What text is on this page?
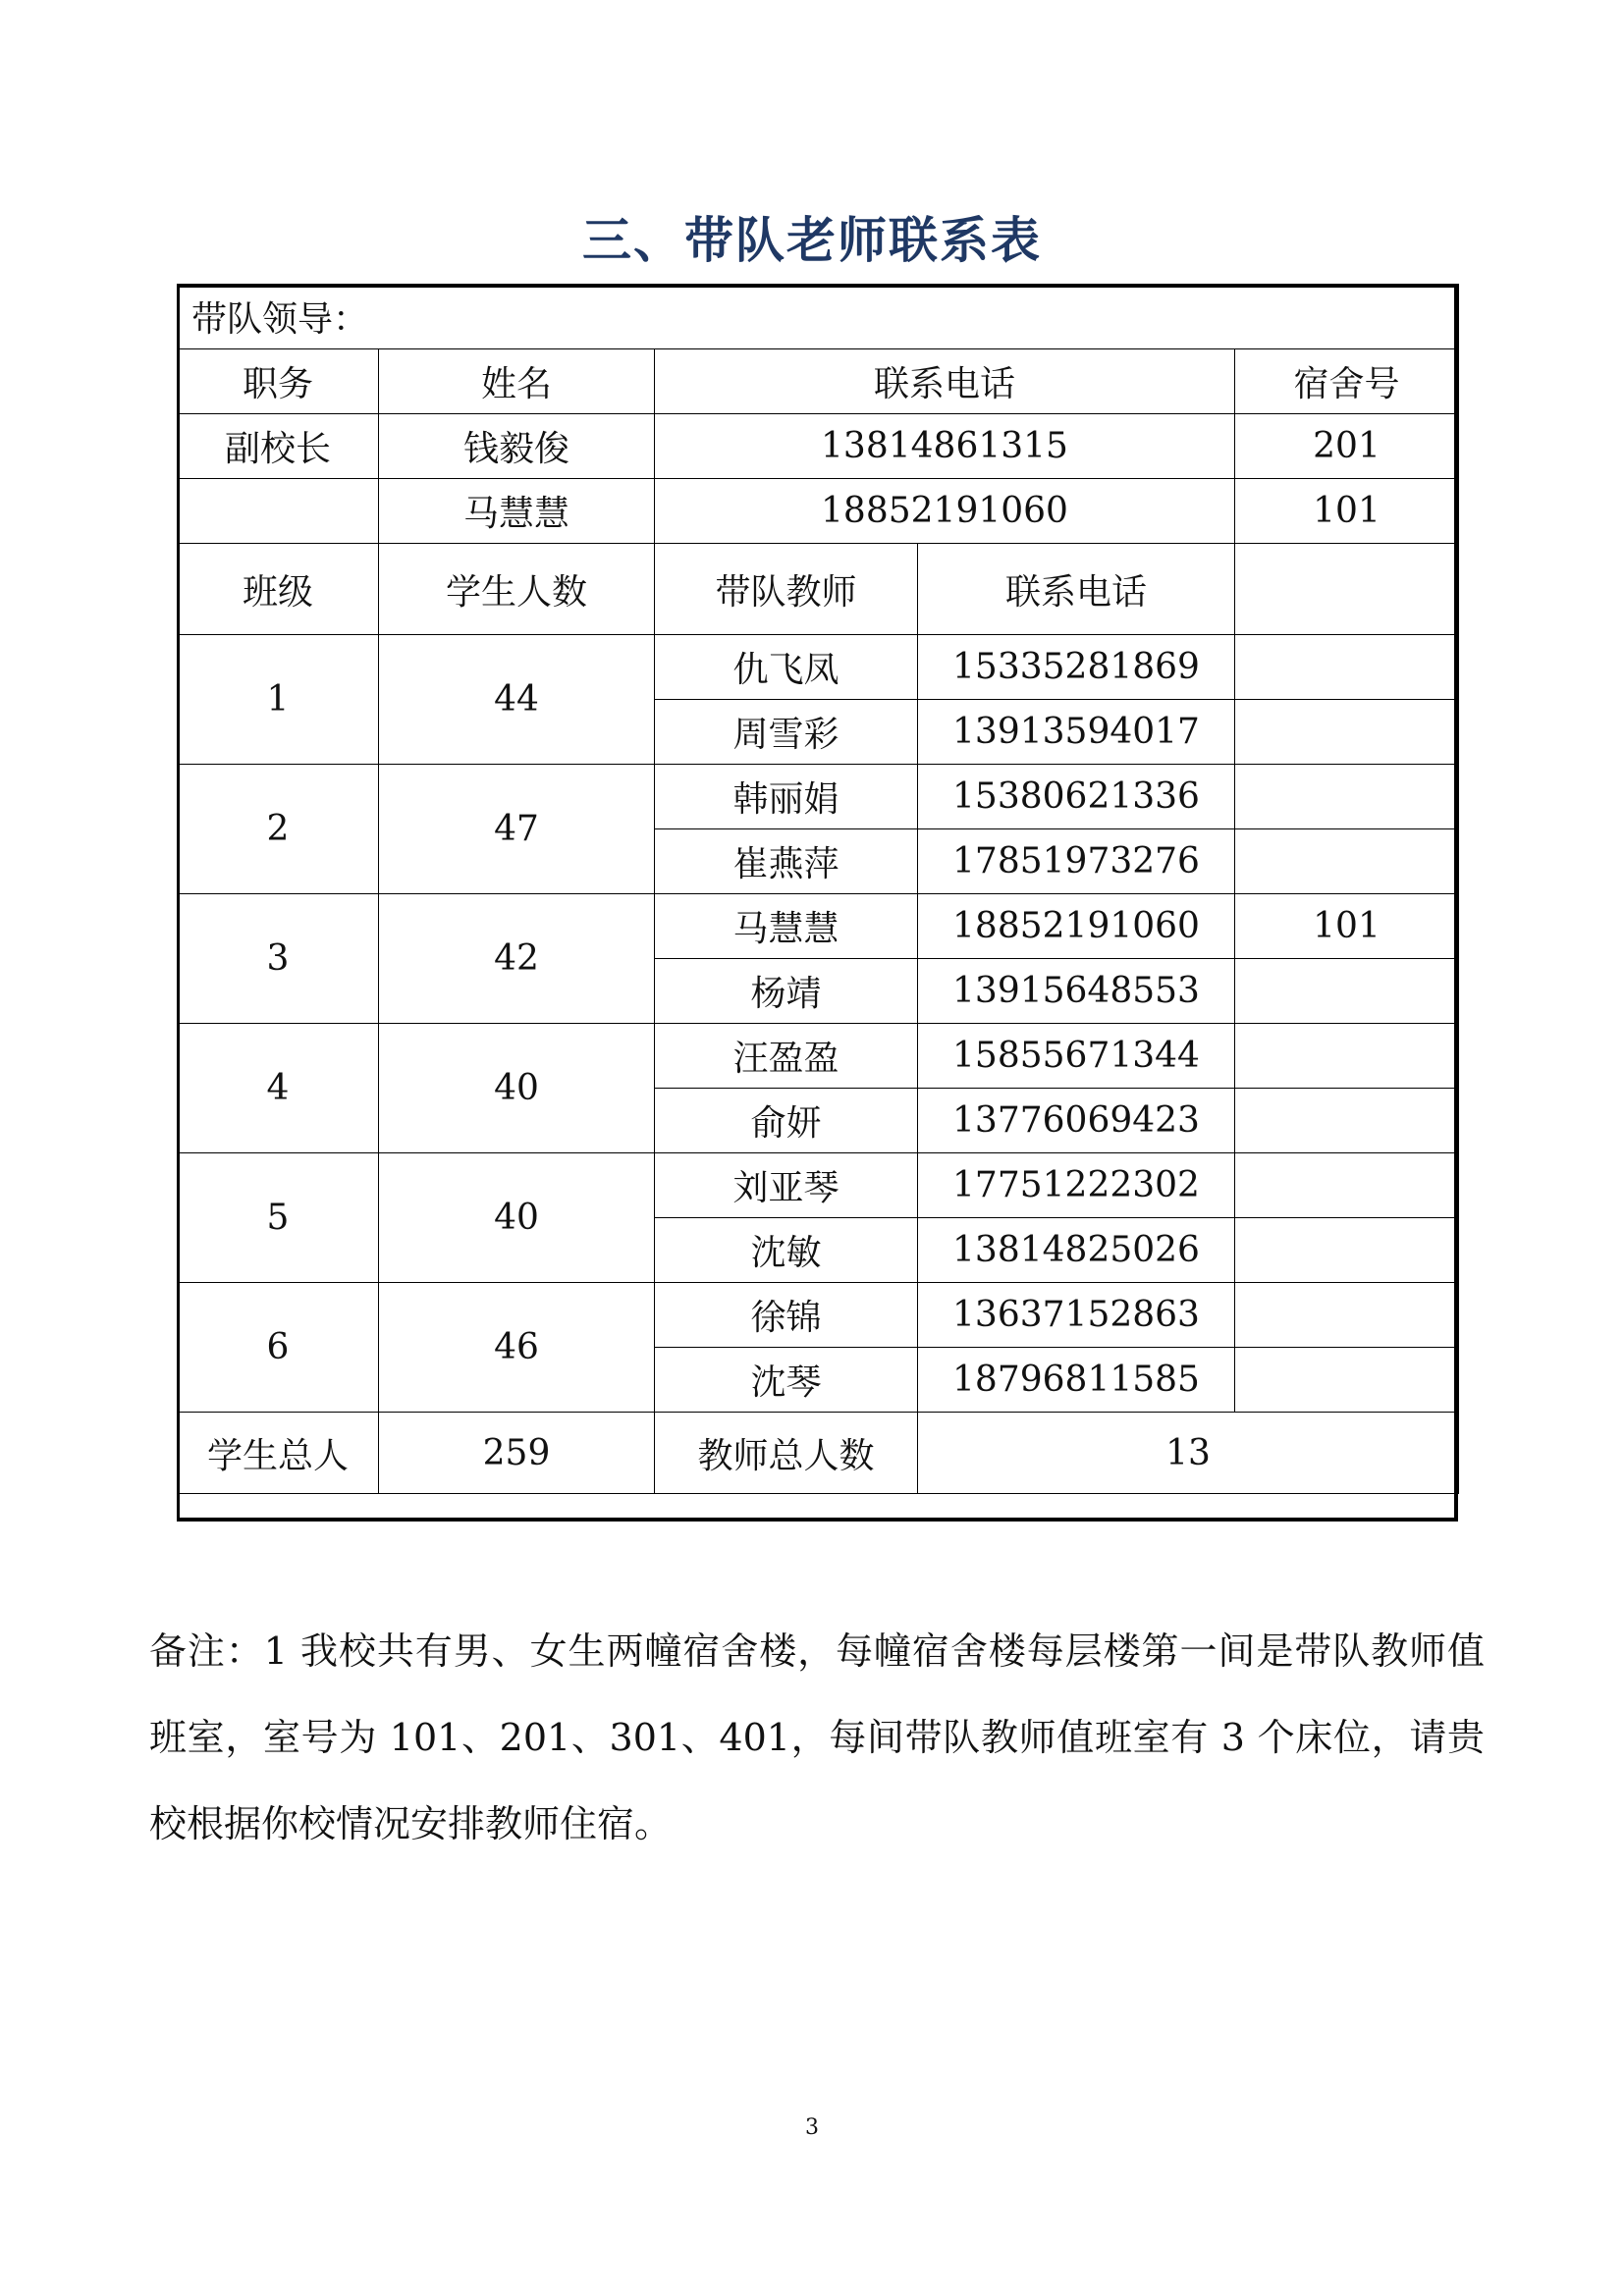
三、带队老师联系表
带队领导：				
职务	姓名	联系电话		宿舍号
副校长	钱毅俊	13814861315		201
	马慧慧	18852191060		101
班级	学生人数	带队教师	联系电话	
1	44	仇飞凤	15335281869	
		周雪彩	13913594017	
2	47	韩丽娟	15380621336	
		崔燕萍	17851973276	
3	42	马慧慧	18852191060	101
		杨靖	13915648553	
4	40	汪盈盈	15855671344	
		俞妍	13776069423	
5	40	刘亚琴	17751222302	
		沈敏	13814825026	
6	46	徐锦	13637152863	
		沈琴	18796811585	
学生总人	259	教师总人数	13	
备注：1 我校共有男、女生两幢宿舍楼，每幢宿舍楼每层楼第一间是带队教师值班室，室号为 101、201、301、401，每间带队教师值班室有 3 个床位，请贵校根据你校情况安排教师住宿。
3
